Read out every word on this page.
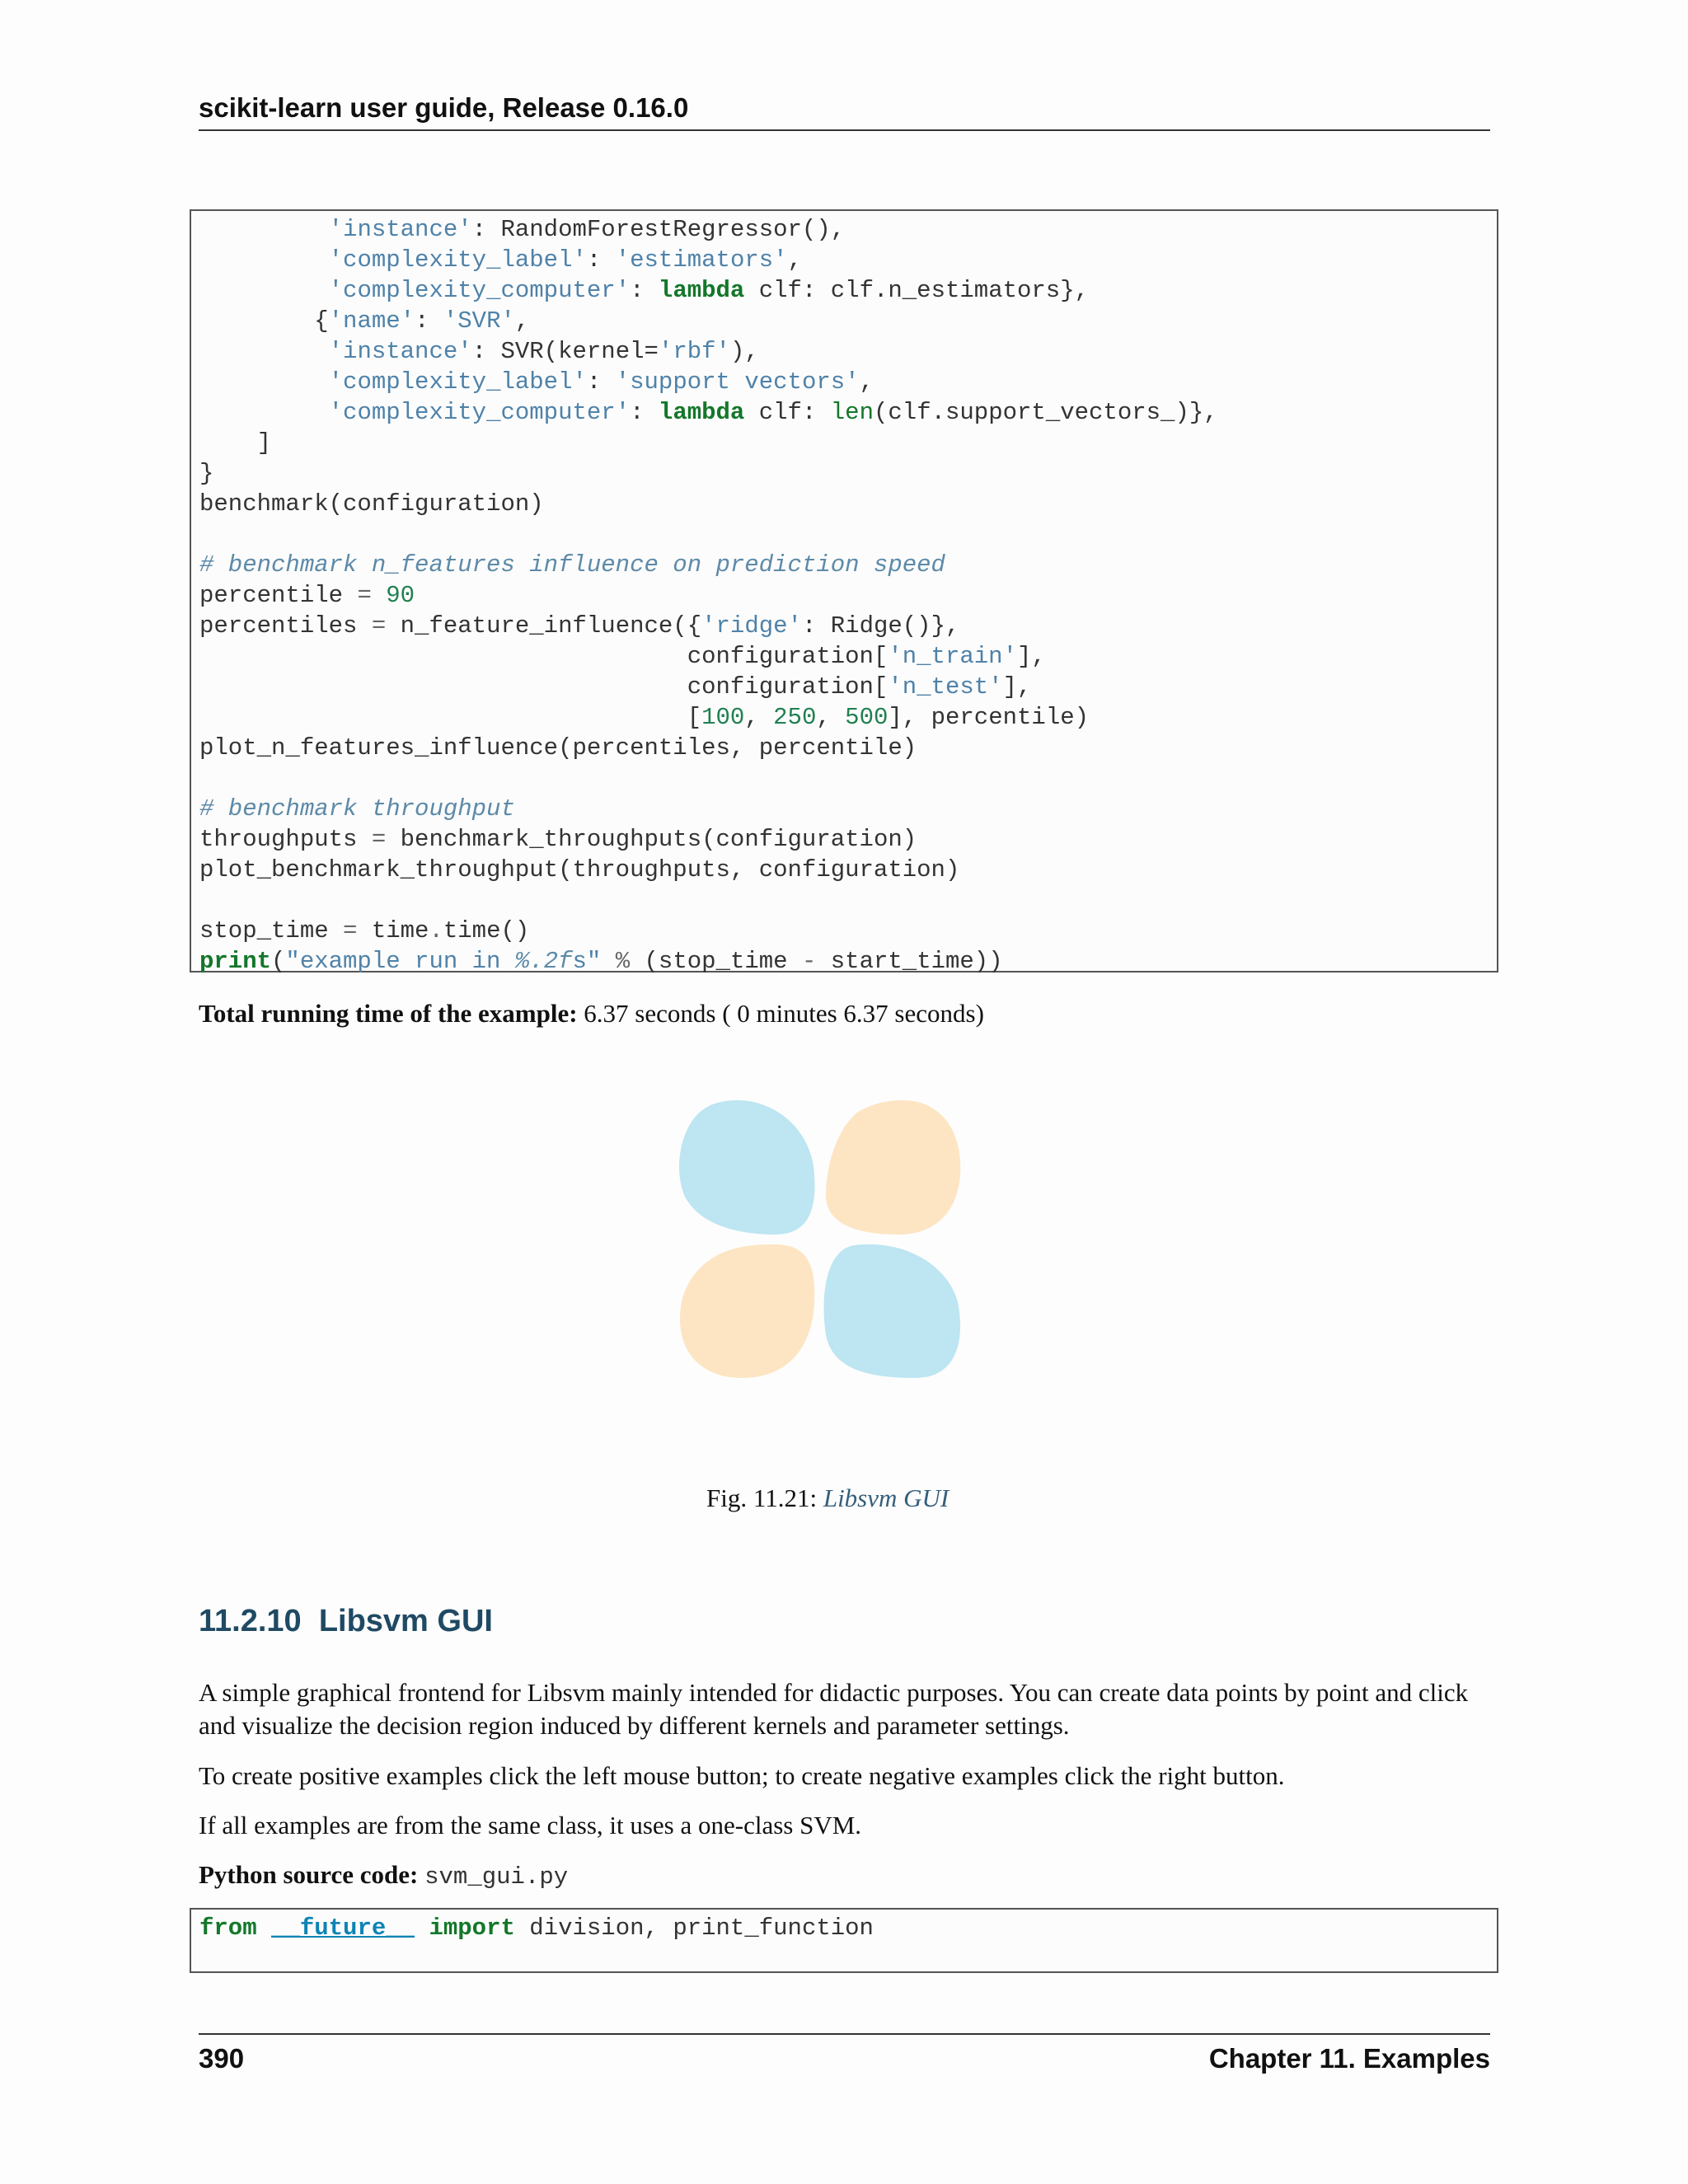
scikit-learn user guide, Release 0.16.0
'instance': RandomForestRegressor(),
'complexity_label': 'estimators',
'complexity_computer': lambda clf: clf.n_estimators},
{'name': 'SVR',
'instance': SVR(kernel='rbf'),
'complexity_label': 'support vectors',
'complexity_computer': lambda clf: len(clf.support_vectors_)},
]
}
benchmark(configuration)
# benchmark n_features influence on prediction speed
percentile = 90
percentiles = n_feature_influence({'ridge': Ridge()},
configuration['n_train'],
configuration['n_test'],
[100, 250, 500], percentile)
plot_n_features_influence(percentiles, percentile)
# benchmark throughput
throughputs = benchmark_throughputs(configuration)
plot_benchmark_throughput(throughputs, configuration)
stop_time = time.time()
print("example run in %.2fs" % (stop_time - start_time))
Total running time of the example: 6.37 seconds ( 0 minutes 6.37 seconds)
Fig. 11.21: Libsvm GUI
11.2.10 Libsvm GUI
A simple graphical frontend for Libsvm mainly intended for didactic purposes. You can create data points by point and click and visualize the decision region induced by different kernels and parameter settings.
To create positive examples click the left mouse button; to create negative examples click the right button.
If all examples are from the same class, it uses a one-class SVM.
Python source code: svm_gui.py
from __future__ import division, print_function
390	Chapter 11. Examples
